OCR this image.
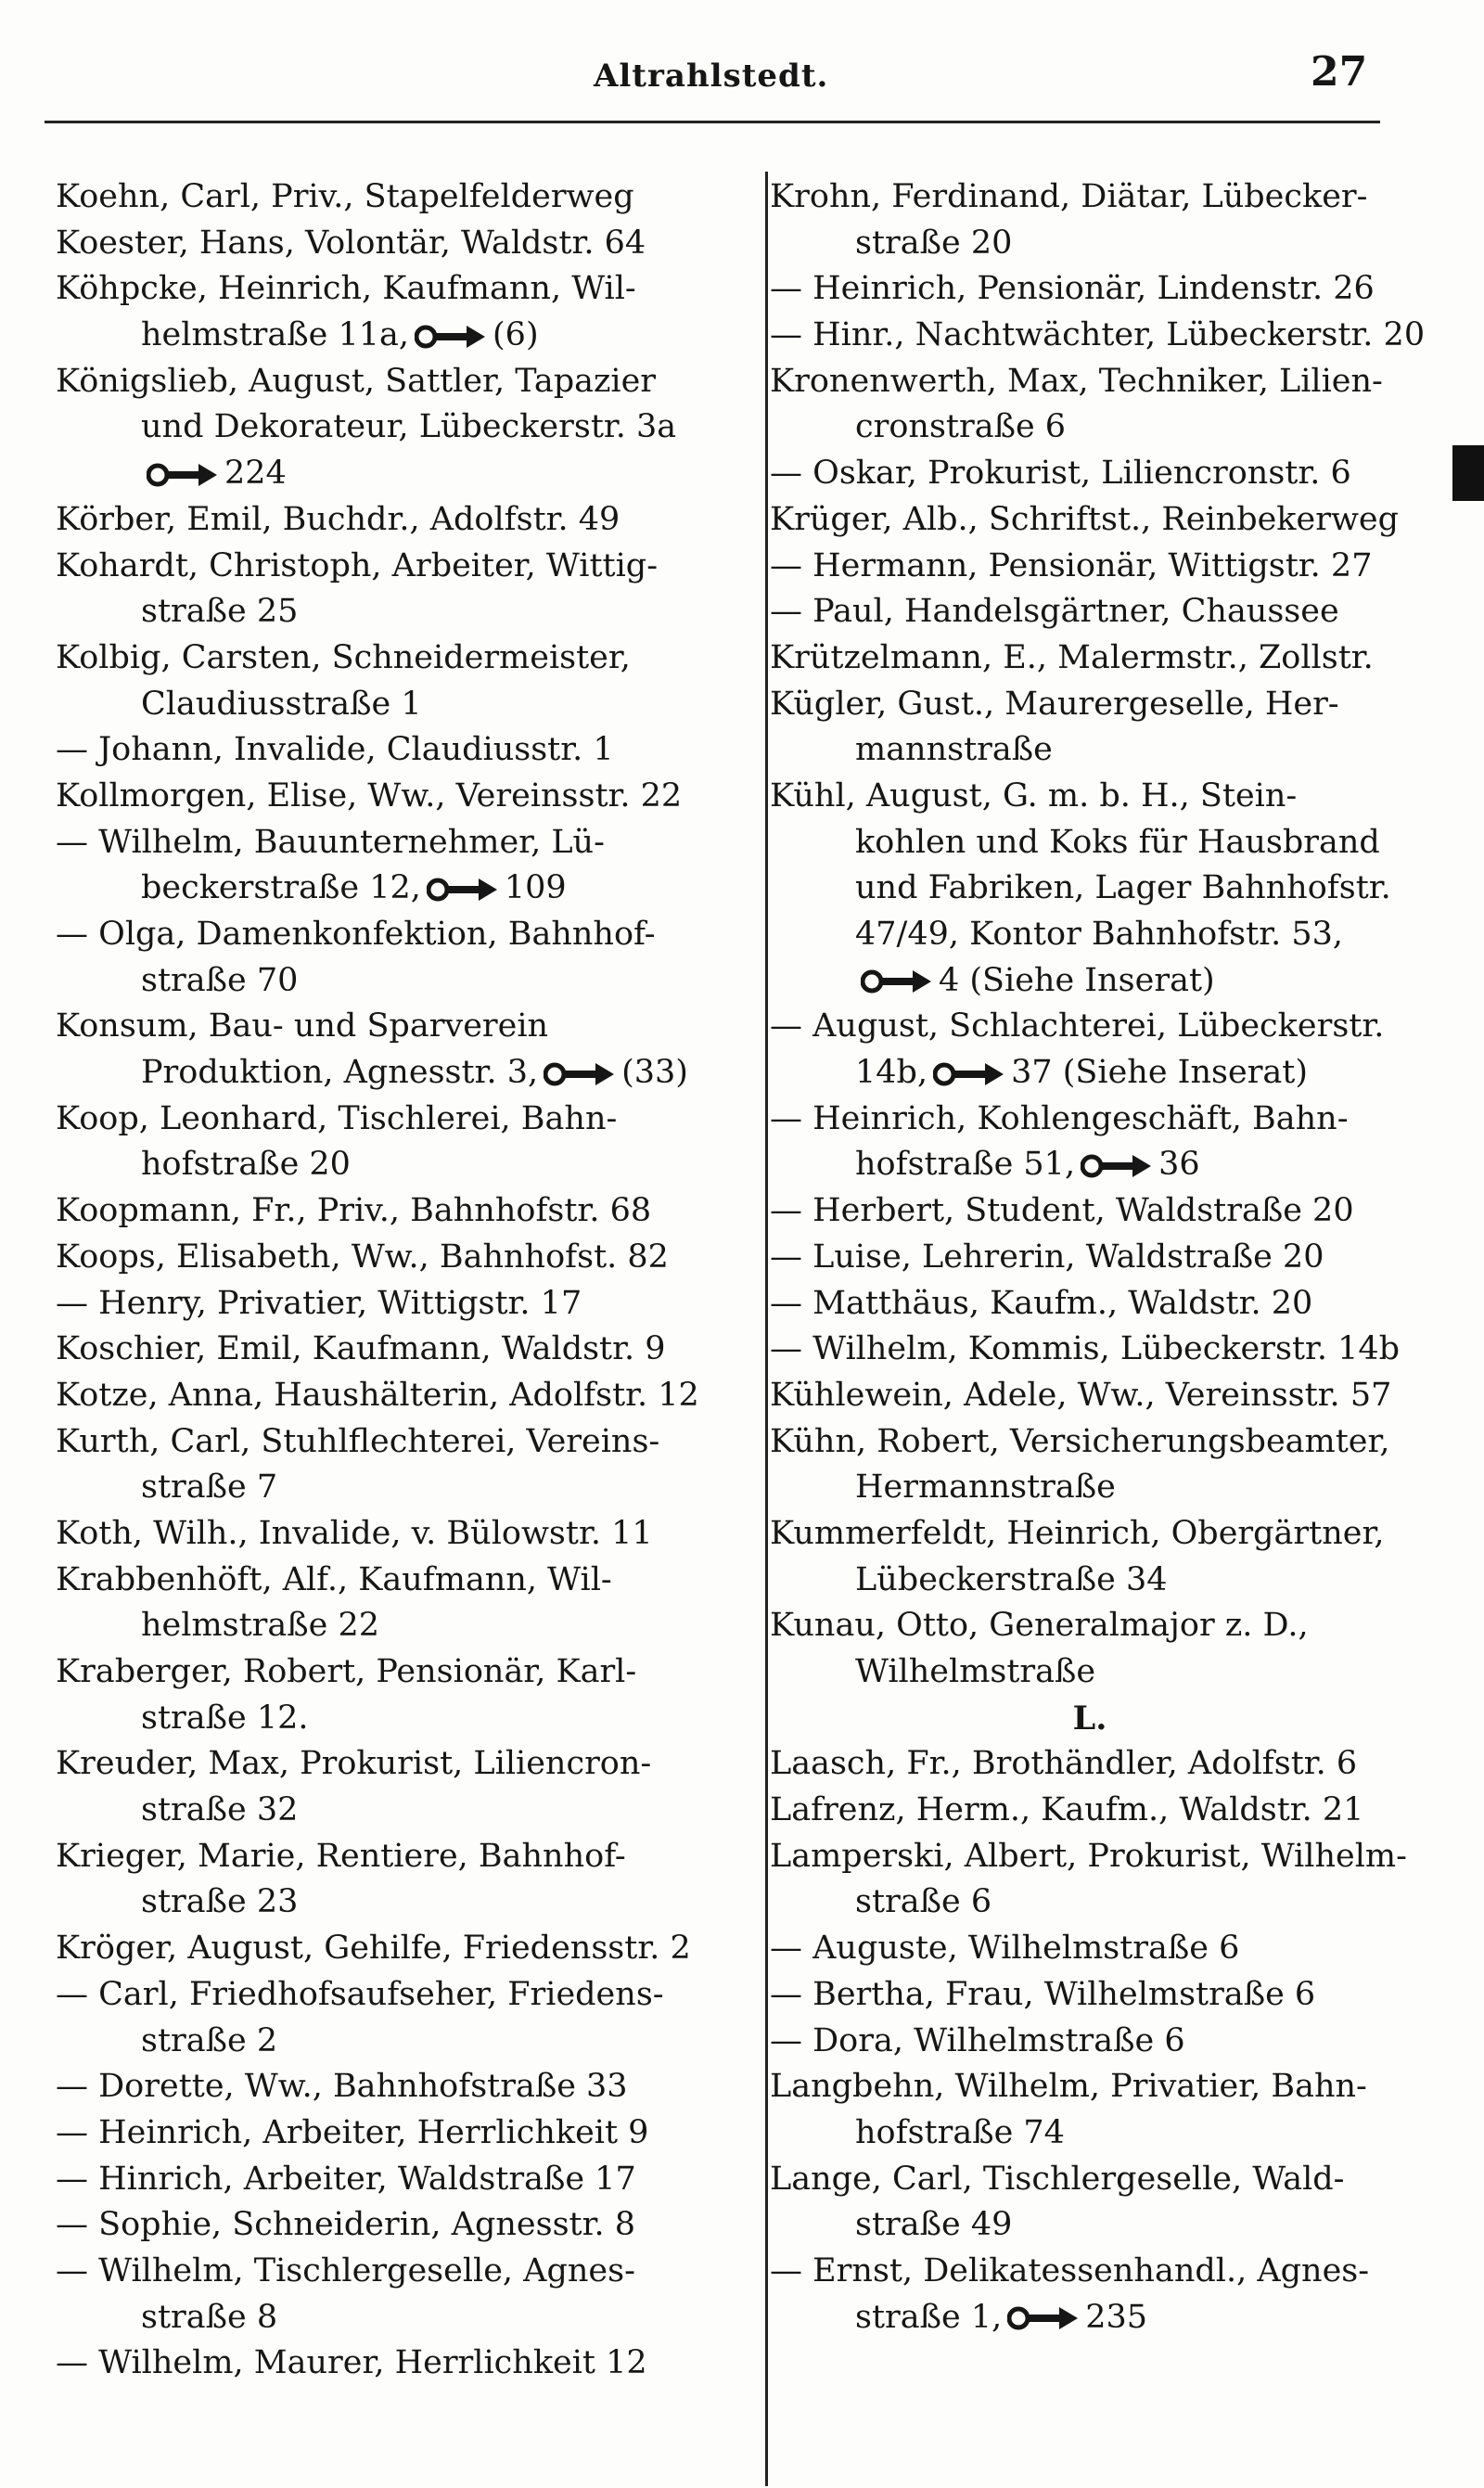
Altrahlstedt.	27
Koehn, Carl, Priv., Stapelfelderweg
Koester, Hans, Volontär, Waldstr. 64
Köhpcke, Heinrich, Kaufmann, Wil-
helmstraße 11a,	(6)
Königslieb, August, Sattler, Tapazier
und Dekorateur, Lübeckerstr. 3a
224
Körber, Emil, Buchdr., Adolfstr. 49
Kohardt, Christoph, Arbeiter, Wittig-
straße 25
Kolbig, Carsten, Schneidermeister,
Claudiusstraße 1
— Johann, Invalide, Claudiusstr. 1
Kollmorgen, Elise, Ww., Vereinsstr. 22
— Wilhelm, Bauunternehmer, Lü-
beckerstraße 12,	109
— Olga, Damenkonfektion, Bahnhof-
straße 70
Konsum, Bau- und Sparverein
Produktion, Agnesstr. 3,	(33)
Koop, Leonhard, Tischlerei, Bahn-
hofstraße 20
Koopmann, Fr., Priv., Bahnhofstr. 68
Koops, Elisabeth, Ww., Bahnhofst. 82
— Henry, Privatier, Wittigstr. 17
Koschier, Emil, Kaufmann, Waldstr. 9
Kotze, Anna, Haushälterin, Adolfstr. 12
Kurth, Carl, Stuhlflechterei, Vereins-
straße 7
Koth, Wilh., Invalide, v. Bülowstr. 11
Krabbenhöft, Alf., Kaufmann, Wil-
helmstraße 22
Kraberger, Robert, Pensionär, Karl-
straße 12.
Kreuder, Max, Prokurist, Liliencron-
straße 32
Krieger, Marie, Rentiere, Bahnhof-
straße 23
Kröger, August, Gehilfe, Friedensstr. 2
— Carl, Friedhofsaufseher, Friedens-
straße 2
— Dorette, Ww., Bahnhofstraße 33
— Heinrich, Arbeiter, Herrlichkeit 9
— Hinrich, Arbeiter, Waldstraße 17
— Sophie, Schneiderin, Agnesstr. 8
— Wilhelm, Tischlergeselle, Agnes-
straße 8
— Wilhelm, Maurer, Herrlichkeit 12
Krohn, Ferdinand, Diätar, Lübecker-
straße 20
— Heinrich, Pensionär, Lindenstr. 26
— Hinr., Nachtwächter, Lübeckerstr. 20
Kronenwerth, Max, Techniker, Lilien-
cronstraße 6
— Oskar, Prokurist, Liliencronstr. 6
Krüger, Alb., Schriftst., Reinbekerweg
— Hermann, Pensionär, Wittigstr. 27
— Paul, Handelsgärtner, Chaussee
Krützelmann, E., Malermstr., Zollstr.
Kügler, Gust., Maurergeselle, Her-
mannstraße
Kühl, August, G. m. b. H., Stein-
kohlen und Koks für Hausbrand
und Fabriken, Lager Bahnhofstr.
47/49, Kontor Bahnhofstr. 53,
4 (Siehe Inserat)
— August, Schlachterei, Lübeckerstr.
14b,	37 (Siehe Inserat)
— Heinrich, Kohlengeschäft, Bahn-
hofstraße 51,	36
— Herbert, Student, Waldstraße 20
— Luise, Lehrerin, Waldstraße 20
— Matthäus, Kaufm., Waldstr. 20
— Wilhelm, Kommis, Lübeckerstr. 14b
Kühlewein, Adele, Ww., Vereinsstr. 57
Kühn, Robert, Versicherungsbeamter,
Hermannstraße
Kummerfeldt, Heinrich, Obergärtner,
Lübeckerstraße 34
Kunau, Otto, Generalmajor z. D.,
Wilhelmstraße
L.
Laasch, Fr., Brothändler, Adolfstr. 6
Lafrenz, Herm., Kaufm., Waldstr. 21
Lamperski, Albert, Prokurist, Wilhelm-
straße 6
— Auguste, Wilhelmstraße 6
— Bertha, Frau, Wilhelmstraße 6
— Dora, Wilhelmstraße 6
Langbehn, Wilhelm, Privatier, Bahn-
hofstraße 74
Lange, Carl, Tischlergeselle, Wald-
straße 49
— Ernst, Delikatessenhandl., Agnes-
straße 1,	235
